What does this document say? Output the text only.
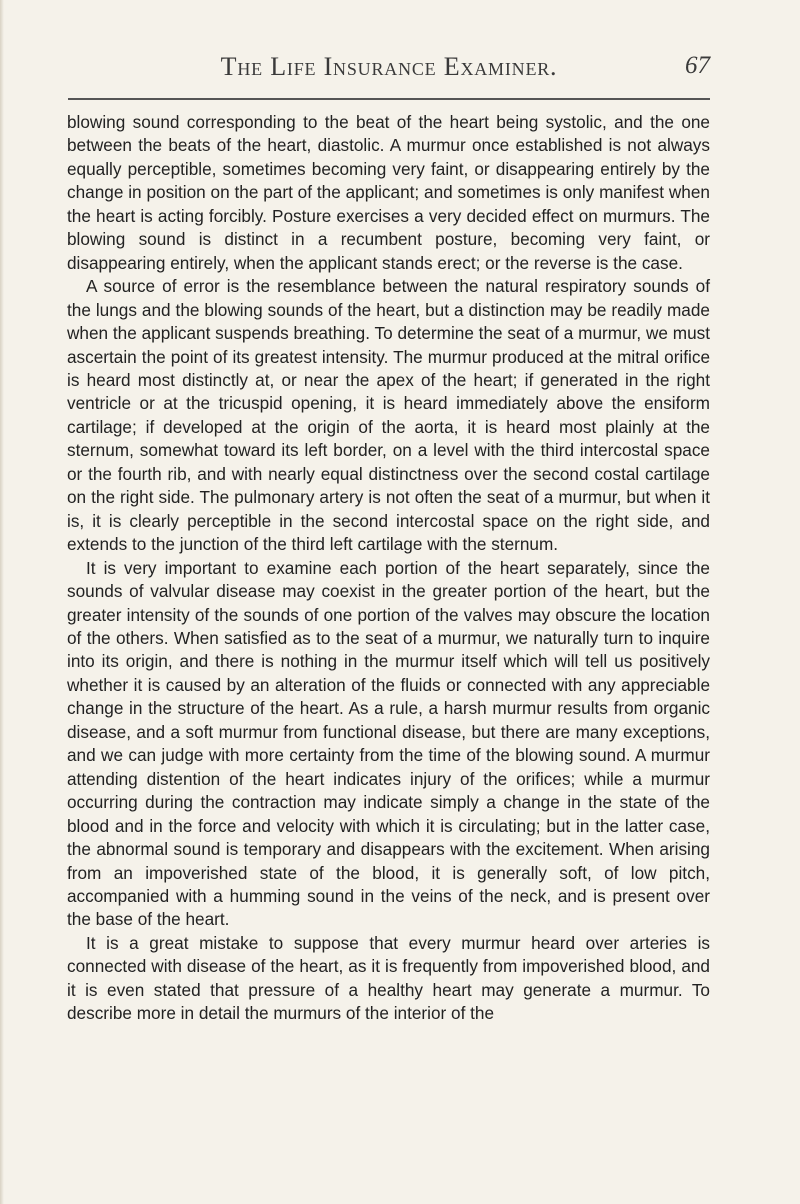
The Life Insurance Examiner.	67

blowing sound corresponding to the beat of the heart being systolic, and the one between the beats of the heart, diastolic. A murmur once established is not always equally perceptible, sometimes becoming very faint, or disappearing entirely by the change in position on the part of the applicant; and sometimes is only manifest when the heart is acting forcibly. Posture exercises a very decided effect on murmurs. The blowing sound is distinct in a recumbent posture, becoming very faint, or disappearing entirely, when the applicant stands erect; or the reverse is the case.

A source of error is the resemblance between the natural respiratory sounds of the lungs and the blowing sounds of the heart, but a distinction may be readily made when the applicant suspends breathing. To determine the seat of a murmur, we must ascertain the point of its greatest intensity. The murmur produced at the mitral orifice is heard most distinctly at, or near the apex of the heart; if generated in the right ventricle or at the tricuspid opening, it is heard immediately above the ensiform cartilage; if developed at the origin of the aorta, it is heard most plainly at the sternum, somewhat toward its left border, on a level with the third intercostal space or the fourth rib, and with nearly equal distinctness over the second costal cartilage on the right side. The pulmonary artery is not often the seat of a murmur, but when it is, it is clearly perceptible in the second intercostal space on the right side, and extends to the junction of the third left cartilage with the sternum.

It is very important to examine each portion of the heart separately, since the sounds of valvular disease may coexist in the greater portion of the heart, but the greater intensity of the sounds of one portion of the valves may obscure the location of the others. When satisfied as to the seat of a murmur, we naturally turn to inquire into its origin, and there is nothing in the murmur itself which will tell us positively whether it is caused by an alteration of the fluids or connected with any appreciable change in the structure of the heart. As a rule, a harsh murmur results from organic disease, and a soft murmur from functional disease, but there are many exceptions, and we can judge with more certainty from the time of the blowing sound. A murmur attending distention of the heart indicates injury of the orifices; while a murmur occurring during the contraction may indicate simply a change in the state of the blood and in the force and velocity with which it is circulating; but in the latter case, the abnormal sound is temporary and disappears with the excitement. When arising from an impoverished state of the blood, it is generally soft, of low pitch, accompanied with a humming sound in the veins of the neck, and is present over the base of the heart.

It is a great mistake to suppose that every murmur heard over arteries is connected with disease of the heart, as it is frequently from impoverished blood, and it is even stated that pressure of a healthy heart may generate a murmur. To describe more in detail the murmurs of the interior of the
